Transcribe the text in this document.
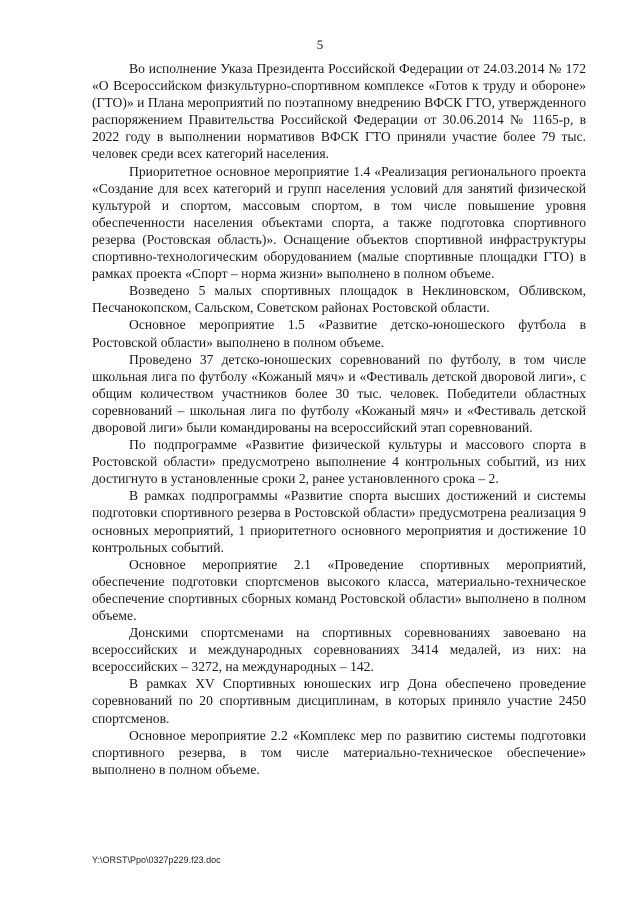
5

Во исполнение Указа Президента Российской Федерации от 24.03.2014 № 172 «О Всероссийском физкультурно-спортивном комплексе «Готов к труду и обороне» (ГТО)» и Плана мероприятий по поэтапному внедрению ВФСК ГТО, утвержденного распоряжением Правительства Российской Федерации от 30.06.2014 № 1165-р, в 2022 году в выполнении нормативов ВФСК ГТО приняли участие более 79 тыс. человек среди всех категорий населения.

Приоритетное основное мероприятие 1.4 «Реализация регионального проекта «Создание для всех категорий и групп населения условий для занятий физической культурой и спортом, массовым спортом, в том числе повышение уровня обеспеченности населения объектами спорта, а также подготовка спортивного резерва (Ростовская область)». Оснащение объектов спортивной инфраструктуры спортивно-технологическим оборудованием (малые спортивные площадки ГТО) в рамках проекта «Спорт – норма жизни» выполнено в полном объеме.

Возведено 5 малых спортивных площадок в Неклиновском, Обливском, Песчанокопском, Сальском, Советском районах Ростовской области.

Основное мероприятие 1.5 «Развитие детско-юношеского футбола в Ростовской области» выполнено в полном объеме.

Проведено 37 детско-юношеских соревнований по футболу, в том числе школьная лига по футболу «Кожаный мяч» и «Фестиваль детской дворовой лиги», с общим количеством участников более 30 тыс. человек. Победители областных соревнований – школьная лига по футболу «Кожаный мяч» и «Фестиваль детской дворовой лиги» были командированы на всероссийский этап соревнований.

По подпрограмме «Развитие физической культуры и массового спорта в Ростовской области» предусмотрено выполнение 4 контрольных событий, из них достигнуто в установленные сроки 2, ранее установленного срока – 2.

В рамках подпрограммы «Развитие спорта высших достижений и системы подготовки спортивного резерва в Ростовской области» предусмотрена реализация 9 основных мероприятий, 1 приоритетного основного мероприятия и достижение 10 контрольных событий.

Основное мероприятие 2.1 «Проведение спортивных мероприятий, обеспечение подготовки спортсменов высокого класса, материально-техническое обеспечение спортивных сборных команд Ростовской области» выполнено в полном объеме.

Донскими спортсменами на спортивных соревнованиях завоевано на всероссийских и международных соревнованиях 3414 медалей, из них: на всероссийских – 3272, на международных – 142.

В рамках XV Спортивных юношеских игр Дона обеспечено проведение соревнований по 20 спортивным дисциплинам, в которых приняло участие 2450 спортсменов.

Основное мероприятие 2.2 «Комплекс мер по развитию системы подготовки спортивного резерва, в том числе материально-техническое обеспечение» выполнено в полном объеме.

Y:\ORST\Ppo\0327p229.f23.doc
